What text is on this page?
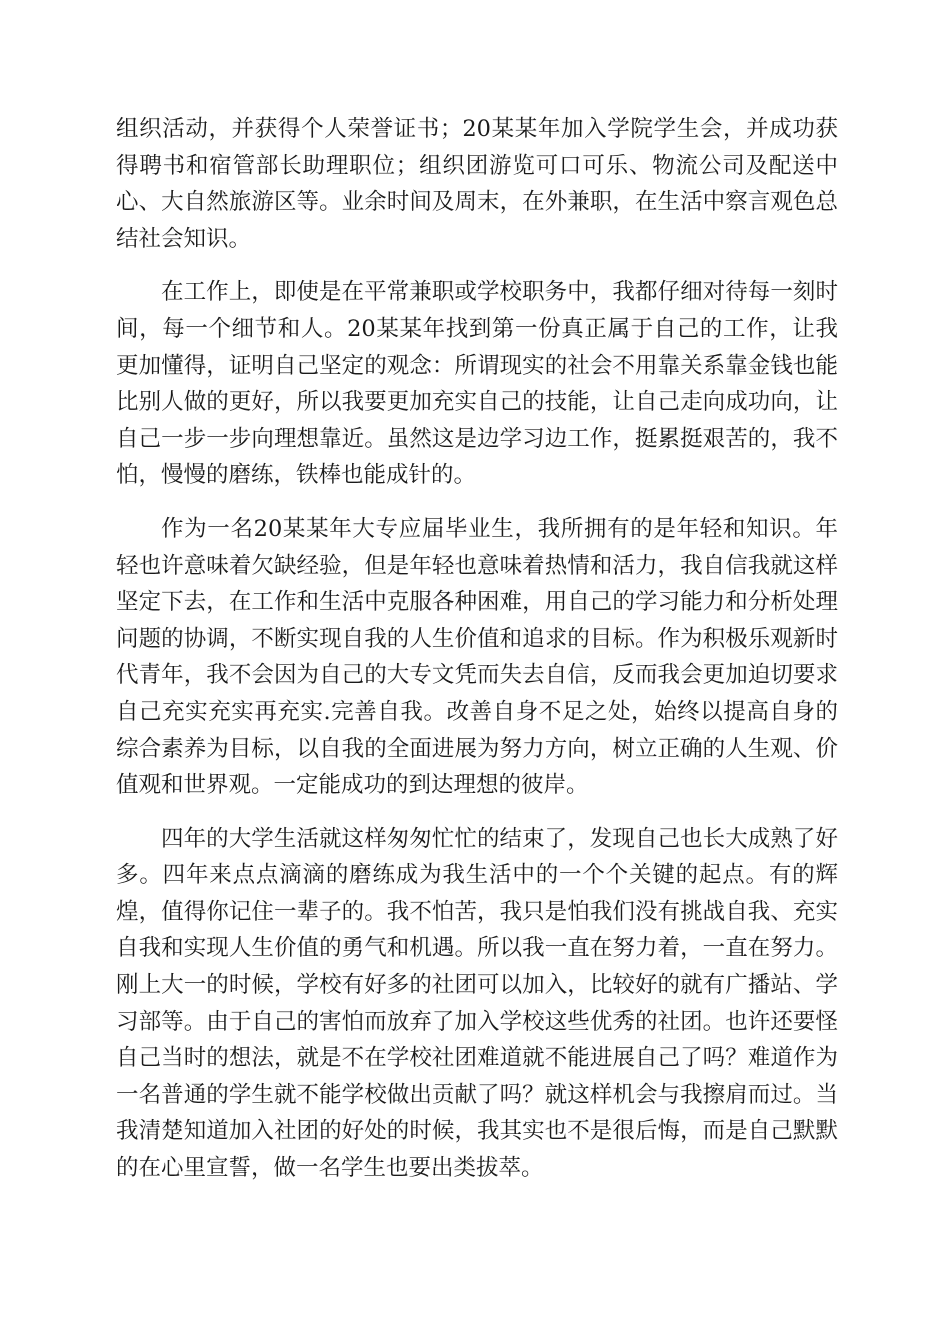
组织活动，并获得个人荣誉证书；20某某年加入学院学生会，并成功获得聘书和宿管部长助理职位；组织团游览可口可乐、物流公司及配送中心、大自然旅游区等。业余时间及周末，在外兼职，在生活中察言观色总结社会知识。

在工作上，即使是在平常兼职或学校职务中，我都仔细对待每一刻时间，每一个细节和人。20某某年找到第一份真正属于自己的工作，让我更加懂得，证明自己坚定的观念：所谓现实的社会不用靠关系靠金钱也能比别人做的更好，所以我要更加充实自己的技能，让自己走向成功向，让自己一步一步向理想靠近。虽然这是边学习边工作，挺累挺艰苦的，我不怕，慢慢的磨练，铁棒也能成针的。

作为一名20某某年大专应届毕业生，我所拥有的是年轻和知识。年轻也许意味着欠缺经验，但是年轻也意味着热情和活力，我自信我就这样坚定下去，在工作和生活中克服各种困难，用自己的学习能力和分析处理问题的协调，不断实现自我的人生价值和追求的目标。作为积极乐观新时代青年，我不会因为自己的大专文凭而失去自信，反而我会更加迫切要求自己充实充实再充实.完善自我。改善自身不足之处，始终以提高自身的综合素养为目标，以自我的全面进展为努力方向，树立正确的人生观、价值观和世界观。一定能成功的到达理想的彼岸。

四年的大学生活就这样匆匆忙忙的结束了，发现自己也长大成熟了好多。四年来点点滴滴的磨练成为我生活中的一个个关键的起点。有的辉煌，值得你记住一辈子的。我不怕苦，我只是怕我们没有挑战自我、充实自我和实现人生价值的勇气和机遇。所以我一直在努力着，一直在努力。刚上大一的时候，学校有好多的社团可以加入，比较好的就有广播站、学习部等。由于自己的害怕而放弃了加入学校这些优秀的社团。也许还要怪自己当时的想法，就是不在学校社团难道就不能进展自己了吗？难道作为一名普通的学生就不能学校做出贡献了吗？就这样机会与我擦肩而过。当我清楚知道加入社团的好处的时候，我其实也不是很后悔，而是自己默默的在心里宣誓，做一名学生也要出类拔萃。
